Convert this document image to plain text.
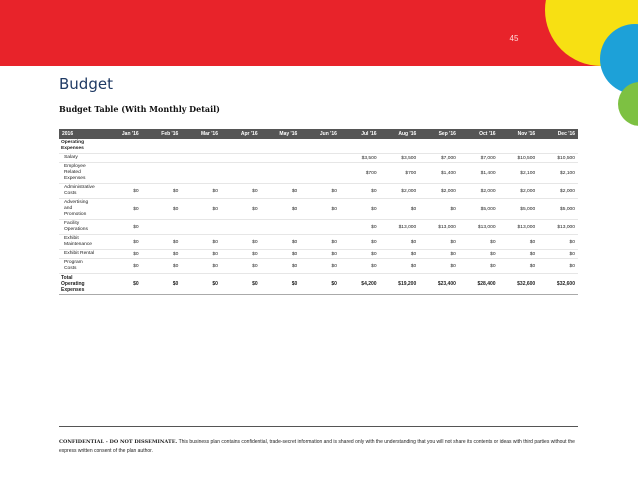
45
Budget
Budget Table (With Monthly Detail)
2016	Jan '16	Feb '16	Mar '16	Apr '16	May '16	Jun '16	Jul '16	Aug '16	Sep '16	Oct '16	Nov '16	Dec '16

Operating
Expenses												

Salary							$3,500	$3,500	$7,000	$7,000	$10,500	$10,500

Employee
Related
Expenses							$700	$700	$1,400	$1,400	$2,100	$2,100

Administrative
Costs	$0	$0	$0	$0	$0	$0	$0	$2,000	$2,000	$2,000	$2,000	$2,000

Advertising
and
Promotion	$0	$0	$0	$0	$0	$0	$0	$0	$0	$5,000	$5,000	$5,000

Facility
Operations	$0						$0	$13,000	$13,000	$13,000	$13,000	$13,000

Exhibit
Maintenance	$0	$0	$0	$0	$0	$0	$0	$0	$0	$0	$0	$0

Exhibit Rental	$0	$0	$0	$0	$0	$0	$0	$0	$0	$0	$0	$0

Program
Costs	$0	$0	$0	$0	$0	$0	$0	$0	$0	$0	$0	$0

Total
Operating
Expenses	$0	$0	$0	$0	$0	$0	$4,200	$19,200	$23,400	$28,400	$32,600	$32,600
CONFIDENTIAL - DO NOT DISSEMINATE. This business plan contains confidential, trade-secret information and is shared only with the understanding that you will not share its contents or ideas with third parties without the express written consent of the plan author.
